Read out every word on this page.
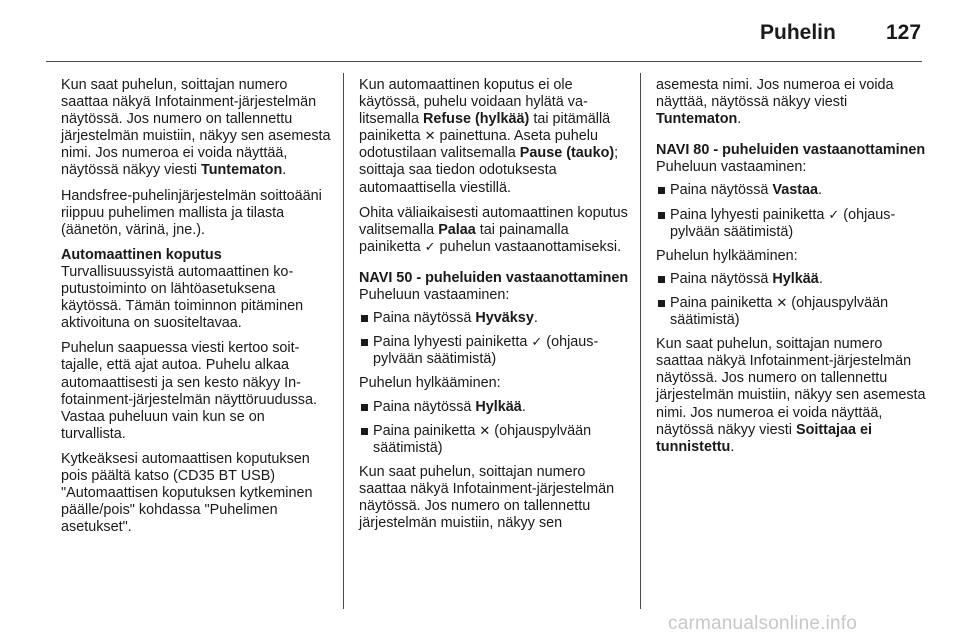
Puhelin 127

Kun saat puhelun, soittajan numero saattaa näkyä Infotainment-järjestelmän näytössä. Jos numero on tallennettu järjestelmän muistiin, näkyy sen asemesta nimi. Jos numeroa ei voida näyttää, näytössä näkyy viesti Tuntematon.

Handsfree-puhelinjärjestelmän soittoääni riippuu puhelimen mallista ja tilasta (äänetön, värinä, jne.).

Automaattinen koputus
Turvallisuussyistä automaattinen koputustoiminto on lähtöasetuksena käytössä. Tämän toiminnon pitäminen aktivoituna on suositeltavaa.

Puhelun saapuessa viesti kertoo soittajalle, että ajat autoa. Puhelu alkaa automaattisesti ja sen kesto näkyy Infotainment-järjestelmän näyttöruudussa. Vastaa puheluun vain kun se on turvallista.

Kytkeäksesi automaattisen koputuksen pois päältä katso (CD35 BT USB) "Automaattisen koputuksen kytkeminen päälle/pois" kohdassa "Puhelimen asetukset".

Kun automaattinen koputus ei ole käytössä, puhelu voidaan hylätä valitsemalla Refuse (hylkää) tai pitämällä painiketta ✕ painettuna. Aseta puhelu odotustilaan valitsemalla Pause (tauko); soittaja saa tiedon odotuksesta automaattisella viestillä.

Ohita väliaikaisesti automaattinen koputus valitsemalla Palaa tai painamalla painiketta ✓ puhelun vastaanottamiseksi.

NAVI 50 - puheluiden vastaanottaminen

Puheluun vastaaminen:

Paina näytössä Hyväksy.
Paina lyhyesti painiketta ✓ (ohjauspylvään säätimistä)

Puhelun hylkääminen:

Paina näytössä Hylkää.
Paina painiketta ✕ (ohjauspylvään säätimistä)

Kun saat puhelun, soittajan numero saattaa näkyä Infotainment-järjestelmän näytössä. Jos numero on tallennettu järjestelmän muistiin, näkyy sen

asemesta nimi. Jos numeroa ei voida näyttää, näytössä näkyy viesti Tuntematon.

NAVI 80 - puheluiden vastaanottaminen

Puheluun vastaaminen:

Paina näytössä Vastaa.
Paina lyhyesti painiketta ✓ (ohjauspylvään säätimistä)

Puhelun hylkääminen:

Paina näytössä Hylkää.
Paina painiketta ✕ (ohjauspylvään säätimistä)

Kun saat puhelun, soittajan numero saattaa näkyä Infotainment-järjestelmän näytössä. Jos numero on tallennettu järjestelmän muistiin, näkyy sen asemesta nimi. Jos numeroa ei voida näyttää, näytössä näkyy viesti Soittajaa ei tunnistettu.

carmanualsonline.info
